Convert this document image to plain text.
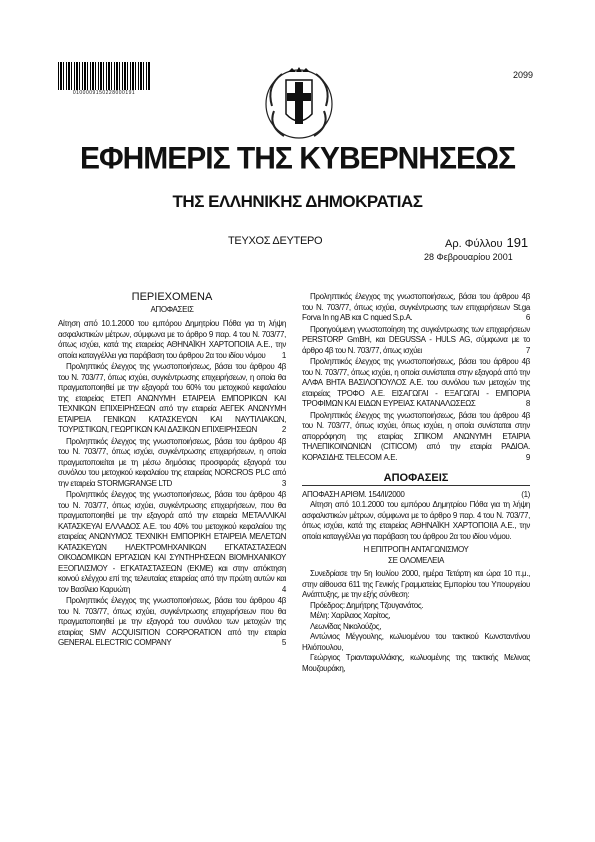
0100009150228000191
2099
ΕΦΗΜΕΡΙΣ ΤΗΣ ΚΥΒΕΡΝΗΣΕΩΣ
ΤΗΣ ΕΛΛΗΝΙΚΗΣ ΔΗΜΟΚΡΑΤΙΑΣ
ΤΕΥΧΟΣ ΔΕΥΤΕΡΟ	Αρ. Φύλλου 191
28 Φεβρουαρίου 2001
ΠΕΡΙΕΧΟΜΕΝΑ
ΑΠΟΦΑΣΕΙΣ
Αίτηση από 10.1.2000 του εμπόρου Δημητρίου Πόθα για τη λήψη ασφαλιστικών μέτρων, σύμφωνα με το άρθρο 9 παρ. 4 του Ν. 703/77, όπως ισχύει, κατά της εταιρείας ΑΘΗΝΑΪΚΗ ΧΑΡΤΟΠΟΙΙΑ Α.Ε., την οποία καταγγέλλει για παράβαση του άρθρου 2α του ιδίου νόμου 1
Προληπτικός έλεγχος της γνωστοποιήσεως, βάσει του άρθρου 4β του Ν. 703/77, όπως ισχύει, συγκέντρωσης επιχειρήσεων, η οποία θα πραγματοποιηθεί με την εξαγορά του 60% του μετοχικού κεφαλαίου της εταιρείας ΕΤΕΠ ΑΝΩΝΥΜΗ ΕΤΑΙΡΕΙΑ ΕΜΠΟΡΙΚΩΝ ΚΑΙ ΤΕΧΝΙΚΩΝ ΕΠΙΧΕΙΡΗΣΕΩΝ από την εταιρεία ΑΕΓΕΚ ΑΝΩΝΥΜΗ ΕΤΑΙΡΕΙΑ ΓΕΝΙΚΩΝ ΚΑΤΑΣΚΕΥΩΝ ΚΑΙ ΝΑΥΤΙΛΙΑΚΩΝ, ΤΟΥΡΙΣΤΙΚΩΝ, ΓΕΩΡΓΙΚΩΝ ΚΑΙ ΔΑΣΙΚΩΝ ΕΠΙΧΕΙΡΗΣΕΩΝ	2
Προληπτικός έλεγχος της γνωστοποιήσεως, βάσει του άρθρου 4β του Ν. 703/77, όπως ισχύει, συγκέντρωσης επιχειρήσεων, η οποία πραγματοποιείται με τη μέσω δημόσιας προσφοράς εξαγορά του συνόλου του μετοχικού κεφαλαίου της εταιρείας NORCROS PLC από την εταιρεία STORMGRANGE LTD	3
Προληπτικός έλεγχος της γνωστοποιήσεως, βάσει του άρθρου 4β του Ν. 703/77, όπως ισχύει, συγκέντρωσης επιχειρήσεων, που θα πραγματοποιηθεί με την εξαγορά από την εταιρεία ΜΕΤΑΛΛΙΚΑΙ ΚΑΤΑΣΚΕΥΑΙ ΕΛΛΑΔΟΣ Α.Ε. του 40% του μετοχικού κεφαλαίου της εταιρείας ΑΝΩΝΥΜΟΣ ΤΕΧΝΙΚΗ ΕΜΠΟΡΙΚΗ ΕΤΑΙΡΕΙΑ ΜΕΛΕΤΩΝ ΚΑΤΑΣΚΕΥΩΝ ΗΛΕΚΤΡΟΜΗΧΑΝΙΚΩΝ ΕΓΚΑΤΑΣΤΑΣΕΩΝ ΟΙΚΟΔΟΜΙΚΩΝ ΕΡΓΑΣΙΩΝ ΚΑΙ ΣΥΝΤΗΡΗΣΕΩΝ ΒΙΟΜΗΧΑΝΙΚΟΥ ΕΞΟΠΛΙΣΜΟΥ - ΕΓΚΑΤΑΣΤΑΣΕΩΝ (ΕΚΜΕ) και στην απόκτηση κοινού ελέγχου επί της τελευταίας εταιρείας από την πρώτη αυτών και τον Βασίλειο Καρυώτη	4
Προληπτικός έλεγχος της γνωστοποιήσεως, βάσει του άρθρου 4β του Ν. 703/77, όπως ισχύει, συγκέντρωσης επιχειρήσεων που θα πραγματοποιηθεί με την εξαγορά του συνόλου των μετοχών της εταιρίας SMV ACQUISITION CORPORATION από την εταιρία GENERAL ELECTRIC COMPANY	5
Προληπτικός έλεγχος της γνωστοποιήσεως, βάσει του άρθρου 4β του Ν. 703/77, όπως ισχύει, συγκέντρωσης των επιχειρήσεων St.ga Forva In ng AB και C nqued S.p.A.	6
Προηγούμενη γνωστοποίηση της συγκέντρωσης των επιχειρήσεων PERSTORP GmBH, και DEGUSSA - HULS AG, σύμφωνα με το άρθρο 4β του Ν. 703/77, όπως ισχύει	7
Προληπτικός έλεγχος της γνωστοποιήσεως, βάσει του άρθρου 4β του Ν. 703/77, όπως ισχύει, η οποία συνίσταται στην εξαγορά από την ΑΛΦΑ ΒΗΤΑ ΒΑΣΙΛΟΠΟΥΛΟΣ Α.Ε. του συνόλου των μετοχών της εταιρείας ΤΡΟΦΟ Α.Ε. ΕΙΣΑΓΩΓΑΙ - ΕΞΑΓΩΓΑΙ - ΕΜΠΟΡΙΑ ΤΡΟΦΙΜΩΝ ΚΑΙ ΕΙΔΩΝ ΕΥΡΕΙΑΣ ΚΑΤΑΝΑΛΩΣΕΩΣ	8
Προληπτικός έλεγχος της γνωστοποιήσεως, βάσει του άρθρου 4β του Ν. 703/77, όπως ισχύει, όπως ισχύει, η οποία συνίσταται στην απορρόφηση της εταιρίας ΣΠΙΚΟΜ ΑΝΩΝΥΜΗ ΕΤΑΙΡΙΑ ΤΗΛΕΠΙΚΟΙΝΩΝΙΩΝ (CITICOM) από την εταιρία ΡΑΔΙΟΑ. ΚΟΡΑΣΙΔΗΣ TELECOM Α.Ε.	9
ΑΠΟΦΑΣΕΙΣ
ΑΠΟΦΑΣΗ ΑΡΙΘΜ. 154/II/2000	(1)
Αίτηση από 10.1.2000 του εμπόρου Δημητρίου Πόθα για τη λήψη ασφαλιστικών μέτρων, σύμφωνα με το άρθρο 9 παρ. 4 του Ν. 703/77, όπως ισχύει, κατά της εταιρείας ΑΘΗΝΑΪΚΗ ΧΑΡΤΟΠΟΙΙΑ Α.Ε., την οποία καταγγέλλει για παράβαση του άρθρου 2α του ιδίου νόμου.
Η ΕΠΙΤΡΟΠΗ ΑΝΤΑΓΩΝΙΣΜΟΥ
ΣΕ ΟΛΟΜΕΛΕΙΑ
Συνεδρίασε την 5η Ιουλίου 2000, ημέρα Τετάρτη και ώρα 10 π.μ., στην αίθουσα 611 της Γενικής Γραμματείας Εμπορίου του Υπουργείου Ανάπτυξης, με την εξής σύνθεση:
Πρόεδρος: Δημήτρης Τζουγανάτος.
Μέλη: Χαρίλαος Χαρίτος,
Λεωνίδας Νικολούζος,
Αντώνιος Μέγγουλης, κωλυομένου του τακτικού Κωνσταντίνου Ηλιόπουλου,
Γεώργιος Τριανταφυλλάκης, κωλυομένης της τακτικής Μελινας Μουζουράκη,
